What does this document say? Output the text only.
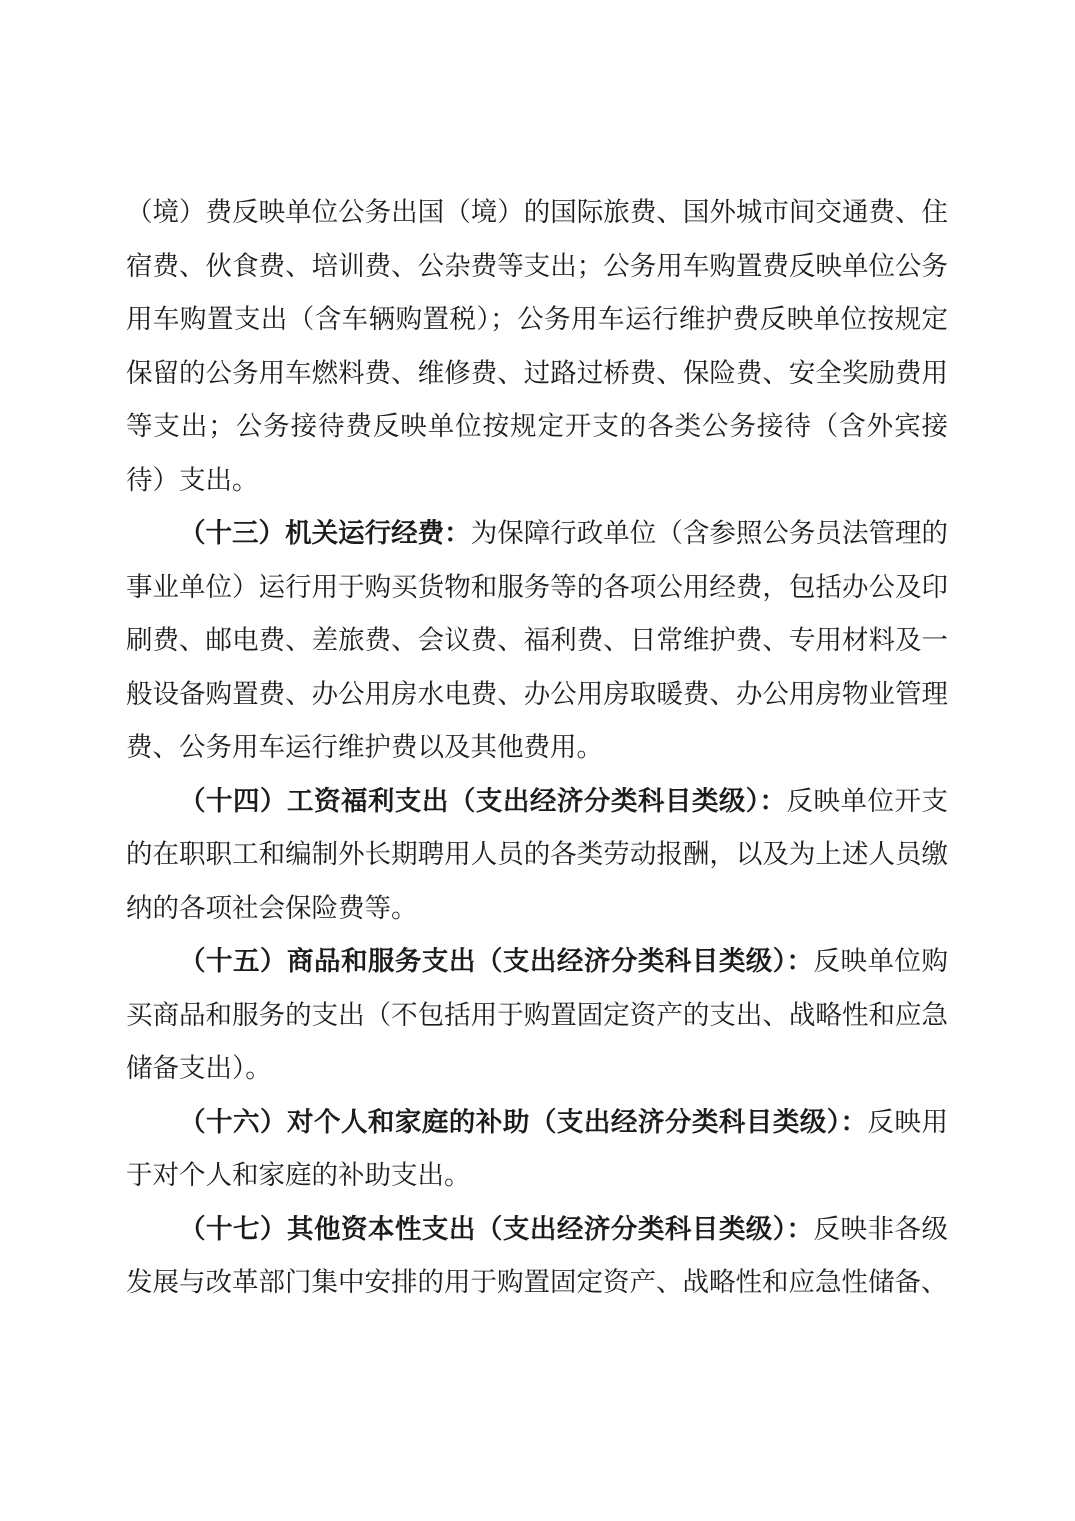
（境）费反映单位公务出国（境）的国际旅费、国外城市间交通费、住宿费、伙食费、培训费、公杂费等支出；公务用车购置费反映单位公务用车购置支出（含车辆购置税）；公务用车运行维护费反映单位按规定保留的公务用车燃料费、维修费、过路过桥费、保险费、安全奖励费用等支出；公务接待费反映单位按规定开支的各类公务接待（含外宾接待）支出。

（十三）机关运行经费：为保障行政单位（含参照公务员法管理的事业单位）运行用于购买货物和服务等的各项公用经费，包括办公及印刷费、邮电费、差旅费、会议费、福利费、日常维护费、专用材料及一般设备购置费、办公用房水电费、办公用房取暖费、办公用房物业管理费、公务用车运行维护费以及其他费用。

（十四）工资福利支出（支出经济分类科目类级）：反映单位开支的在职职工和编制外长期聘用人员的各类劳动报酬，以及为上述人员缴纳的各项社会保险费等。

（十五）商品和服务支出（支出经济分类科目类级）：反映单位购买商品和服务的支出（不包括用于购置固定资产的支出、战略性和应急储备支出）。

（十六）对个人和家庭的补助（支出经济分类科目类级）：反映用于对个人和家庭的补助支出。

（十七）其他资本性支出（支出经济分类科目类级）：反映非各级发展与改革部门集中安排的用于购置固定资产、战略性和应急性储备、
